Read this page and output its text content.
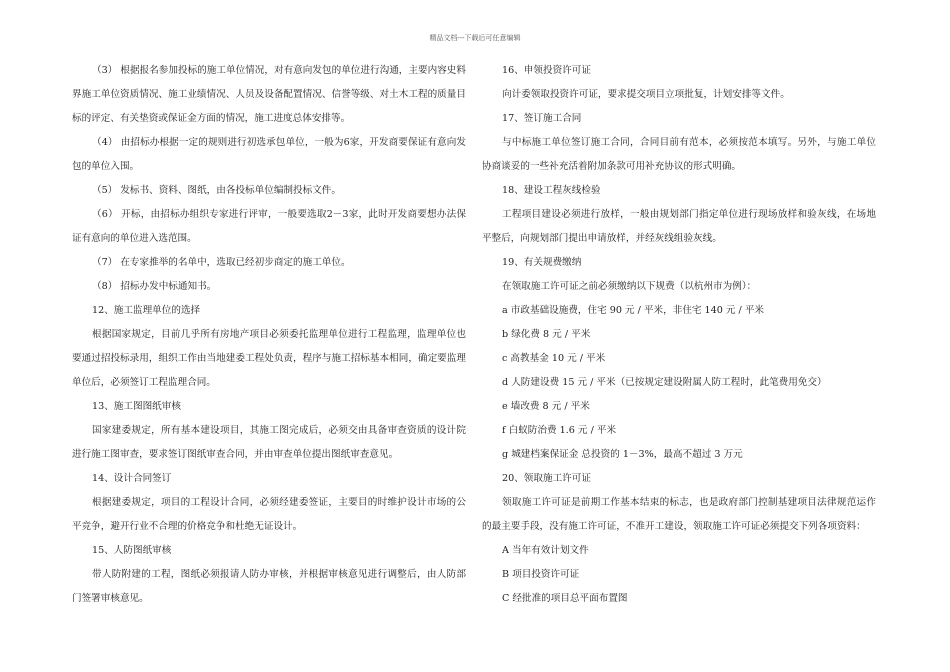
精品文档---下载后可任意编辑

（3） 根据报名参加投标的施工单位情况，对有意向发包的单位进行沟通，主要内容史料界施工单位资质情况、施工业绩情况、人员及设备配置情况、信誉等级、对土木工程的质量目标的评定、有关垫资或保证金方面的情况，施工进度总体安排等。

（4） 由招标办根据一定的规则进行初选承包单位，一般为6家，开发商要保证有意向发包的单位入围。

（5） 发标书、资料、图纸，由各投标单位编制投标文件。

（6） 开标，由招标办组织专家进行评审，一般要选取2－3家，此时开发商要想办法保证有意向的单位进入选范围。

（7） 在专家推举的名单中，选取已经初步商定的施工单位。

（8） 招标办发中标通知书。

12、施工监理单位的选择

根据国家规定，目前几乎所有房地产项目必须委托监理单位进行工程监理，监理单位也要通过招投标录用，组织工作由当地建委工程处负责，程序与施工招标基本相同，确定要监理单位后，必须签订工程监理合同。

13、施工图图纸审核

国家建委规定，所有基本建设项目，其施工图完成后，必须交由具备审查资质的设计院进行施工图审查，要求签订图纸审查合同，并由审查单位提出图纸审查意见。

14、设计合同签订

根据建委规定，项目的工程设计合同，必须经建委签证，主要目的时维护设计市场的公平竞争，避开行业不合理的价格竞争和杜绝无证设计。

15、人防图纸审核

带人防附建的工程，图纸必须报请人防办审核，并根据审核意见进行调整后，由人防部门签署审核意见。

16、申领投资许可证

向计委领取投资许可证，要求提交项目立项批复，计划安排等文件。

17、签订施工合同

与中标施工单位签订施工合同，合同目前有范本，必须按范本填写。另外，与施工单位协商谈妥的一些补充活着附加条款可用补充协议的形式明确。

18、建设工程灰线检验

工程项目建设必须进行放样，一般由规划部门指定单位进行现场放样和验灰线，在场地平整后，向规划部门提出申请放样，并经灰线组验灰线。

19、有关规费缴纳

在领取施工许可证之前必须缴纳以下规费（以杭州市为例）：

a 市政基础设施费，住宅 90 元 / 平米，非住宅 140 元 / 平米

b 绿化费 8 元 / 平米

c 高教基金 10 元 / 平米

d 人防建设费 15 元 / 平米（已按规定建设附属人防工程时，此笔费用免交）

e 墙改费 8 元 / 平米

f 白蚁防治费 1.6 元 / 平米

g 城建档案保证金 总投资的 1－3%，最高不超过 3 万元

20、领取施工许可证

领取施工许可证是前期工作基本结束的标志，也是政府部门控制基建项目法律规范运作的最主要手段，没有施工许可证，不准开工建设，领取施工许可证必须提交下列各项资料：

A 当年有效计划文件

B 项目投资许可证

C 经批准的项目总平面布置图
